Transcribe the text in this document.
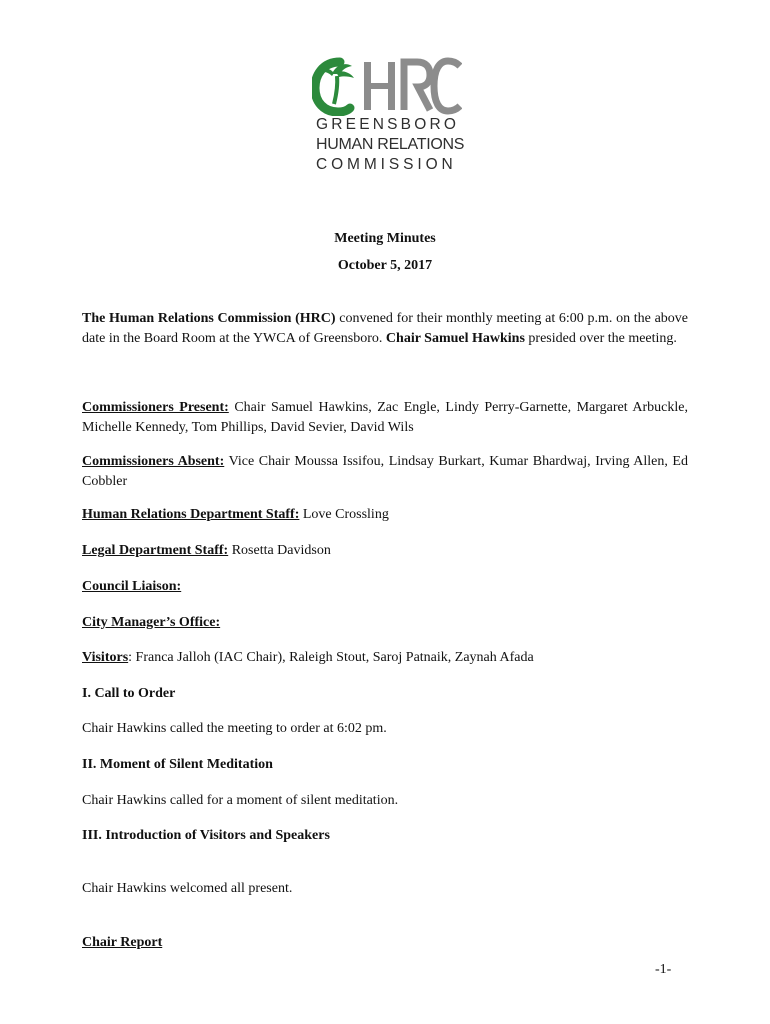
GREENSBORO
HUMAN RELATIONS
COMMISSION
Meeting Minutes
October 5, 2017

The Human Relations Commission (HRC) convened for their monthly meeting at 6:00 p.m. on the above date in the Board Room at the YWCA of Greensboro. Chair Samuel Hawkins presided over the meeting.

Commissioners Present: Chair Samuel Hawkins, Zac Engle, Lindy Perry-Garnette, Margaret Arbuckle, Michelle Kennedy, Tom Phillips, David Sevier, David Wils

Commissioners Absent: Vice Chair Moussa Issifou, Lindsay Burkart, Kumar Bhardwaj, Irving Allen, Ed Cobbler

Human Relations Department Staff: Love Crossling

Legal Department Staff: Rosetta Davidson

Council Liaison:

City Manager’s Office:

Visitors: Franca Jalloh (IAC Chair), Raleigh Stout, Saroj Patnaik, Zaynah Afada

I. Call to Order

Chair Hawkins called the meeting to order at 6:02 pm.

II. Moment of Silent Meditation

Chair Hawkins called for a moment of silent meditation.

III. Introduction of Visitors and Speakers

Chair Hawkins welcomed all present.

Chair Report

-1-
